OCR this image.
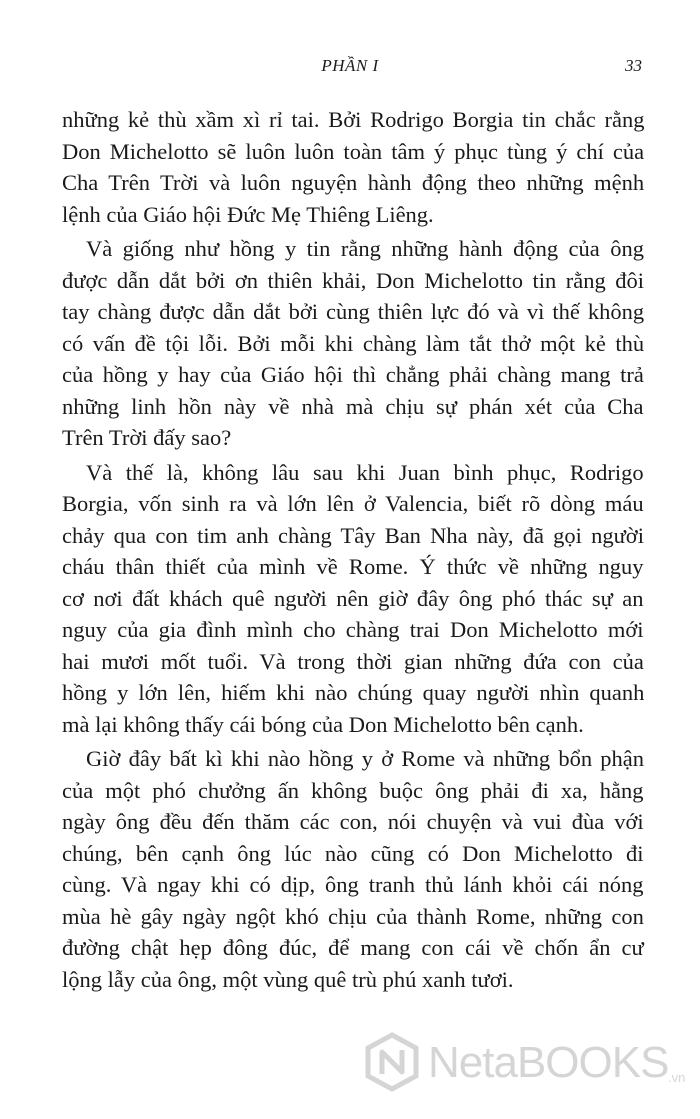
PHẦN I	33
những kẻ thù xầm xì rỉ tai. Bởi Rodrigo Borgia tin chắc rằng
Don Michelotto sẽ luôn luôn toàn tâm ý phục tùng ý chí của
Cha Trên Trời và luôn nguyện hành động theo những mệnh
lệnh của Giáo hội Đức Mẹ Thiêng Liêng.
Và giống như hồng y tin rằng những hành động của ông
được dẫn dắt bởi ơn thiên khải, Don Michelotto tin rằng đôi
tay chàng được dẫn dắt bởi cùng thiên lực đó và vì thế không
có vấn đề tội lỗi. Bởi mỗi khi chàng làm tắt thở một kẻ thù
của hồng y hay của Giáo hội thì chẳng phải chàng mang trả
những linh hồn này về nhà mà chịu sự phán xét của Cha
Trên Trời đấy sao?
Và thế là, không lâu sau khi Juan bình phục, Rodrigo
Borgia, vốn sinh ra và lớn lên ở Valencia, biết rõ dòng máu
chảy qua con tim anh chàng Tây Ban Nha này, đã gọi người
cháu thân thiết của mình về Rome. Ý thức về những nguy
cơ nơi đất khách quê người nên giờ đây ông phó thác sự an
nguy của gia đình mình cho chàng trai Don Michelotto mới
hai mươi mốt tuổi. Và trong thời gian những đứa con của
hồng y lớn lên, hiếm khi nào chúng quay người nhìn quanh
mà lại không thấy cái bóng của Don Michelotto bên cạnh.
Giờ đây bất kì khi nào hồng y ở Rome và những bổn phận
của một phó chưởng ấn không buộc ông phải đi xa, hằng
ngày ông đều đến thăm các con, nói chuyện và vui đùa với
chúng, bên cạnh ông lúc nào cũng có Don Michelotto đi
cùng. Và ngay khi có dịp, ông tranh thủ lánh khỏi cái nóng
mùa hè gây ngày ngột khó chịu của thành Rome, những con
đường chật hẹp đông đúc, để mang con cái về chốn ẩn cư
lộng lẫy của ông, một vùng quê trù phú xanh tươi.
NetaBOOKS .vn
